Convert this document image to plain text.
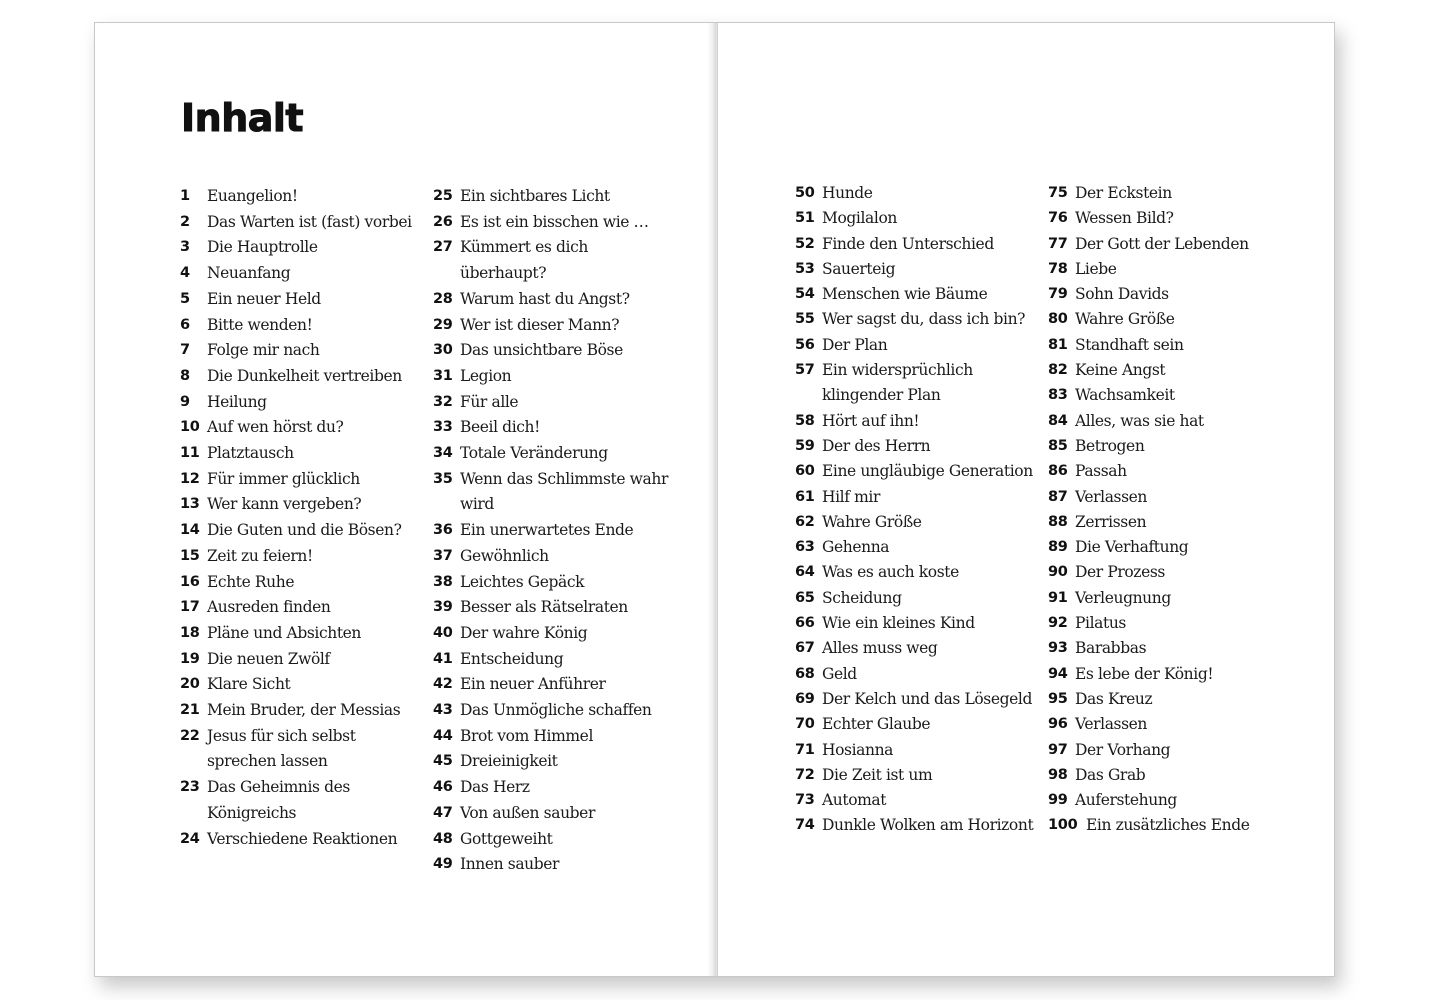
Inhalt
1	Euangelion!
2	Das Warten ist (fast) vorbei
3	Die Hauptrolle
4	Neuanfang
5	Ein neuer Held
6	Bitte wenden!
7	Folge mir nach
8	Die Dunkelheit vertreiben
9	Heilung
10 Auf wen hörst du?
11 Platztausch
12 Für immer glücklich
13 Wer kann vergeben?
14 Die Guten und die Bösen?
15 Zeit zu feiern!
16 Echte Ruhe
17 Ausreden finden
18 Pläne und Absichten
19 Die neuen Zwölf
20 Klare Sicht
21 Mein Bruder, der Messias
22 Jesus für sich selbst sprechen lassen
23 Das Geheimnis des Königreichs
24 Verschiedene Reaktionen
25 Ein sichtbares Licht
26 Es ist ein bisschen wie …
27 Kümmert es dich überhaupt?
28 Warum hast du Angst?
29 Wer ist dieser Mann?
30 Das unsichtbare Böse
31 Legion
32 Für alle
33 Beeil dich!
34 Totale Veränderung
35 Wenn das Schlimmste wahr wird
36 Ein unerwartetes Ende
37 Gewöhnlich
38 Leichtes Gepäck
39 Besser als Rätselraten
40 Der wahre König
41 Entscheidung
42 Ein neuer Anführer
43 Das Unmögliche schaffen
44 Brot vom Himmel
45 Dreieinigkeit
46 Das Herz
47 Von außen sauber
48 Gottgeweiht
49 Innen sauber
50 Hunde
51 Mogilalon
52 Finde den Unterschied
53 Sauerteig
54 Menschen wie Bäume
55 Wer sagst du, dass ich bin?
56 Der Plan
57 Ein widersprüchlich klingender Plan
58 Hört auf ihn!
59 Der des Herrn
60 Eine ungläubige Generation
61 Hilf mir
62 Wahre Größe
63 Gehenna
64 Was es auch koste
65 Scheidung
66 Wie ein kleines Kind
67 Alles muss weg
68 Geld
69 Der Kelch und das Lösegeld
70 Echter Glaube
71 Hosianna
72 Die Zeit ist um
73 Automat
74 Dunkle Wolken am Horizont
75 Der Eckstein
76 Wessen Bild?
77 Der Gott der Lebenden
78 Liebe
79 Sohn Davids
80 Wahre Größe
81 Standhaft sein
82 Keine Angst
83 Wachsamkeit
84 Alles, was sie hat
85 Betrogen
86 Passah
87 Verlassen
88 Zerrissen
89 Die Verhaftung
90 Der Prozess
91 Verleugnung
92 Pilatus
93 Barabbas
94 Es lebe der König!
95 Das Kreuz
96 Verlassen
97 Der Vorhang
98 Das Grab
99 Auferstehung
100 Ein zusätzliches Ende
